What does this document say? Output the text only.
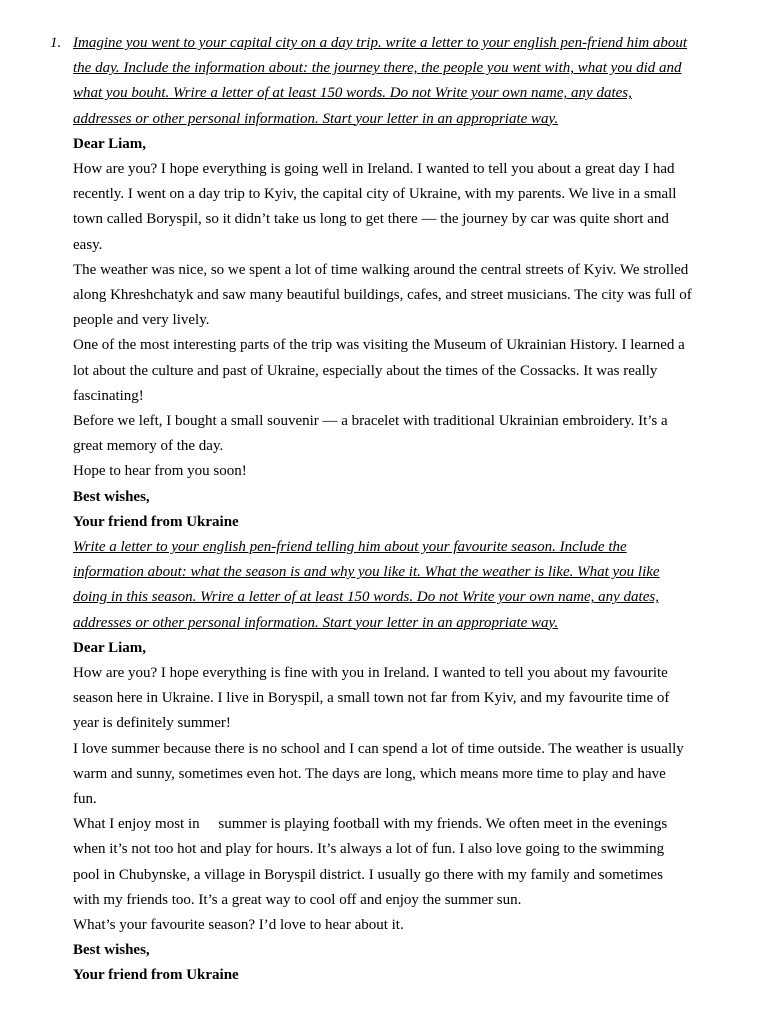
1. Imagine you went to your capital city on a day trip. write a letter to your english pen-friend him about
the day. Include the information about: the journey there, the people you went with, what you did and
what you bouht. Wrire a letter of at least 150 words. Do not Write your own name, any dates,
addresses or other personal information. Start your letter in an appropriate way.
Dear Liam,
How are you? I hope everything is going well in Ireland. I wanted to tell you about a great day I had
recently. I went on a day trip to Kyiv, the capital city of Ukraine, with my parents. We live in a small
town called Boryspil, so it didn’t take us long to get there — the journey by car was quite short and
easy.
The weather was nice, so we spent a lot of time walking around the central streets of Kyiv. We strolled
along Khreshchatyk and saw many beautiful buildings, cafes, and street musicians. The city was full of
people and very lively.
One of the most interesting parts of the trip was visiting the Museum of Ukrainian History. I learned a
lot about the culture and past of Ukraine, especially about the times of the Cossacks. It was really
fascinating!
Before we left, I bought a small souvenir — a bracelet with traditional Ukrainian embroidery. It’s a
great memory of the day.
Hope to hear from you soon!
Best wishes,
Your friend from Ukraine
Write a letter to your english pen-friend telling him about your favourite season. Include the
information about: what the season is and why you like it. What the weather is like. What you like
doing in this season. Wrire a letter of at least 150 words. Do not Write your own name, any dates,
addresses or other personal information. Start your letter in an appropriate way.
Dear Liam,
How are you? I hope everything is fine with you in Ireland. I wanted to tell you about my favourite
season here in Ukraine. I live in Boryspil, a small town not far from Kyiv, and my favourite time of
year is definitely summer!
I love summer because there is no school and I can spend a lot of time outside. The weather is usually
warm and sunny, sometimes even hot. The days are long, which means more time to play and have
fun.
What I enjoy most in     summer is playing football with my friends. We often meet in the evenings
when it’s not too hot and play for hours. It’s always a lot of fun. I also love going to the swimming
pool in Chubynske, a village in Boryspil district. I usually go there with my family and sometimes
with my friends too. It’s a great way to cool off and enjoy the summer sun.
What’s your favourite season? I’d love to hear about it.
Best wishes,
Your friend from Ukraine
